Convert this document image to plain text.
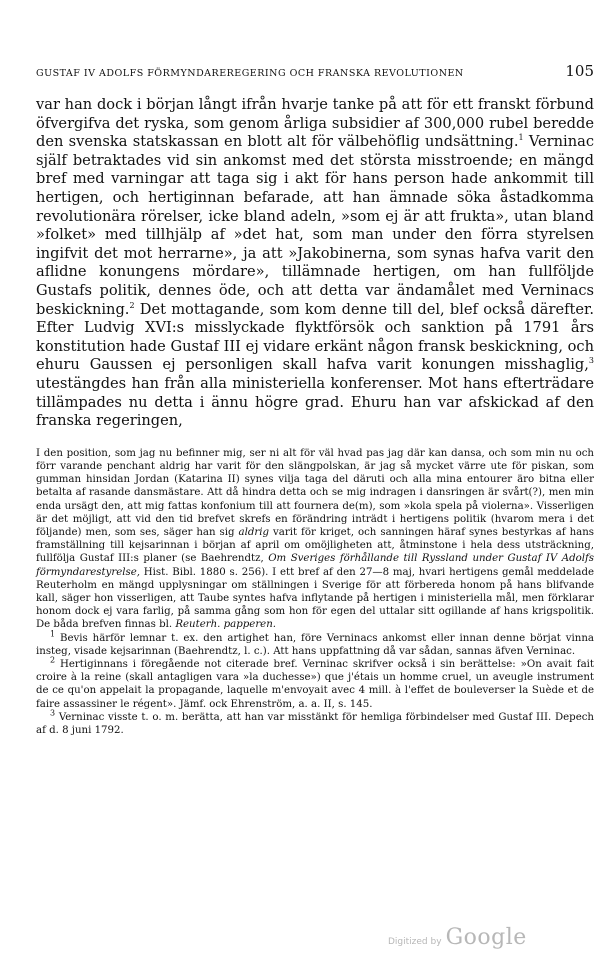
GUSTAF IV ADOLFS FÖRMYNDAREREGERING OCH FRANSKA REVOLUTIONEN	105
var han dock i början långt ifrån hvarje tanke på att för ett franskt förbund öfvergifva det ryska, som genom årliga subsidier af 300,000 rubel beredde den svenska statskassan en blott alt för välbehöflig undsättning.$^1$ Verninac själf betraktades vid sin ankomst med det största misstroende; en mängd bref med varningar att taga sig i akt för hans person hade ankommit till hertigen, och hertiginnan befarade, att han ämnade söka åstadkomma revolutionära rörelser, icke bland adeln, »som ej är att frukta», utan bland »folket» med tillhjälp af »det hat, som man under den förra styrelsen ingifvit det mot herrarne», ja att »Jakobinerna, som synas hafva varit den aflidne konungens mördare», tillämnade hertigen, om han fullföljde Gustafs politik, dennes öde, och att detta var ändamålet med Verninacs beskickning.$^2$ Det mottagande, som kom denne till del, blef också därefter. Efter Ludvig XVI:s misslyckade flyktförsök och sanktion på 1791 års konstitution hade Gustaf III ej vidare erkänt någon fransk beskickning, och ehuru Gaussen ej personligen skall hafva varit konungen misshaglig,$^3$ utestängdes han från alla ministeriella konferenser. Mot hans efterträdare tillämpades nu detta i ännu högre grad. Ehuru han var afskickad af den franska regeringen,

I den position, som jag nu befinner mig, ser ni alt för väl hvad pas jag där kan dansa, och som min nu och förr varande penchant aldrig har varit för den slängpolskan, är jag så mycket värre ute för piskan, som gumman hinsidan Jordan (Katarina II) synes vilja taga del däruti och alla mina entourer äro bitna eller betalta af rasande dansmästare. Att då hindra detta och se mig indragen i dansringen är svårt(?), men min enda ursägt den, att mig fattas konfonium till att fournera de(m), som »kola spela på violerna». Visserligen är det möjligt, att vid den tid brefvet skrefs en förändring inträdt i hertigens politik (hvarom mera i det följande) men, som ses, säger han sig aldrig varit för kriget, och sanningen häraf synes bestyrkas af hans framställning till kejsarinnan i början af april om omöjligheten att, åtminstone i hela dess utsträckning, fullfölja Gustaf III:s planer (se Baehrendtz, Om Sveriges förhållande till Ryssland under Gustaf IV Adolfs förmyndarestyrelse, Hist. Bibl. 1880 s. 256). I ett bref af den 27—8 maj, hvari hertigens gemål meddelade Reuterholm en mängd upplysningar om ställningen i Sverige för att förbereda honom på hans blifvande kall, säger hon visserligen, att Taube syntes hafva inflytande på hertigen i ministeriella mål, men förklarar honom dock ej vara farlig, på samma gång som hon för egen del uttalar sitt ogillande af hans krigspolitik. De båda brefven finnas bl. Reuterh. papperen.

$^1$ Bevis härför lemnar t. ex. den artighet han, före Verninacs ankomst eller innan denne börjat vinna insteg, visade kejsarinnan (Baehrendtz, l. c.). Att hans uppfattning då var sådan, sannas äfven Verninac.

$^2$ Hertiginnans i föregående not citerade bref. Verninac skrifver också i sin berättelse: »On avait fait croire à la reine (skall antagligen vara »la duchesse») que j'étais un homme cruel, un aveugle instrument de ce qu'on appelait la propagande, laquelle m'envoyait avec 4 mill. à l'effet de bouleverser la Suède et de faire assassiner le régent». Jämf. ock Ehrenström, a. a. II, s. 145.

$^3$ Verninac visste t. o. m. berätta, att han var misstänkt för hemliga förbindelser med Gustaf III. Depech af d. 8 juni 1792.

Digitized by Google
